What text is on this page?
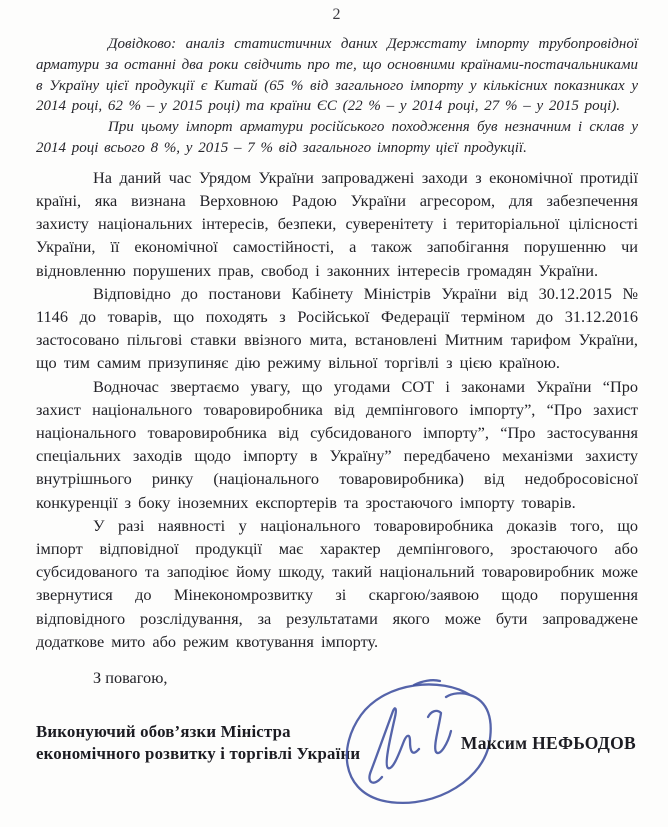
2

Довідково: аналіз статистичних даних Держстату імпорту трубопровідної арматури за останні два роки свідчить про те, що основними країнами-постачальниками в Україну цієї продукції є Китай (65 % від загального імпорту у кількісних показниках у 2014 році, 62 % – у 2015 році) та країни ЄС (22 % – у 2014 році, 27 % – у 2015 році).

При цьому імпорт арматури російського походження був незначним і склав у 2014 році всього 8 %, у 2015 – 7 % від загального імпорту цієї продукції.

На даний час Урядом України запроваджені заходи з економічної протидії країні, яка визнана Верховною Радою України агресором, для забезпечення захисту національних інтересів, безпеки, суверенітету і територіальної цілісності України, її економічної самостійності, а також запобігання порушенню чи відновленню порушених прав, свобод і законних інтересів громадян України.

Відповідно до постанови Кабінету Міністрів України від 30.12.2015 № 1146 до товарів, що походять з Російської Федерації терміном до 31.12.2016 застосовано пільгові ставки ввізного мита, встановлені Митним тарифом України, що тим самим призупиняє дію режиму вільної торгівлі з цією країною.

Водночас звертаємо увагу, що угодами СОТ і законами України “Про захист національного товаровиробника від демпінгового імпорту”, “Про захист національного товаровиробника від субсидованого імпорту”, “Про застосування спеціальних заходів щодо імпорту в Україну” передбачено механізми захисту внутрішнього ринку (національного товаровиробника) від недобросовісної конкуренції з боку іноземних експортерів та зростаючого імпорту товарів.

У разі наявності у національного товаровиробника доказів того, що імпорт відповідної продукції має характер демпінгового, зростаючого або субсидованого та заподіює йому шкоду, такий національний товаровиробник може звернутися до Мінекономрозвитку зі скаргою/заявою щодо порушення відповідного розслідування, за результатами якого може бути запроваджене додаткове мито або режим квотування імпорту.

З повагою,

Виконуючий обов’язки Міністра
економічного розвитку і торгівлі України
Максим НЕФЬОДОВ
